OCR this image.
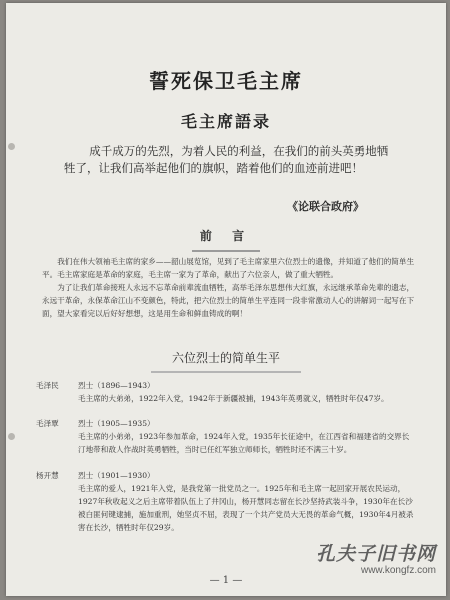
誓死保卫毛主席
毛主席語录
成千成万的先烈，为着人民的利益，在我们的前头英勇地牺牲了，让我们高举起他们的旗帜，踏着他们的血迹前进吧！
《论联合政府》
前 言

我们在伟大领袖毛主席的家乡——韶山展览馆，见到了毛主席家里六位烈士的遗像，并知道了他们的简单生平。毛主席家庭是革命的家庭，毛主席一家为了革命，献出了六位亲人，做了重大牺牲。

为了让我们革命接班人永远不忘革命前辈流血牺牲，高举毛泽东思想伟大红旗，永远继承革命先辈的遗志，永远干革命，永保革命江山不变颜色，特此，把六位烈士的简单生平连同一段非常激动人心的讲解词一起写在下面，望大家看完以后好好想想，这是用生命和鲜血铸成的啊！

六位烈士的简单生平
毛泽民	烈士（1896—1943）
毛主席的大弟弟，1922年入党，1942年于新疆被捕，1943年英勇就义，牺牲时年仅47岁。
毛泽覃	烈士（1905—1935）
毛主席的小弟弟，1923年参加革命，1924年入党，1935年长征途中，在江西省和福建省的交界长汀地带和敌人作战时英勇牺牲，当时已任红军独立师师长，牺牲时还不满三十岁。
杨开慧	烈士（1901—1930）
毛主席的爱人，1921年入党，是我党第一批党员之一。1925年和毛主席一起回家开展农民运动，1927年秋收起义之后主席带着队伍上了井冈山，杨开慧同志留在长沙坚持武装斗争，1930年在长沙被白匪何键逮捕，施加重刑，她坚贞不屈，表现了一个共产党员大无畏的革命气概，1930年4月被杀害在长沙，牺牲时年仅29岁。
— 1 —
孔夫子旧书网
www.kongfz.com
